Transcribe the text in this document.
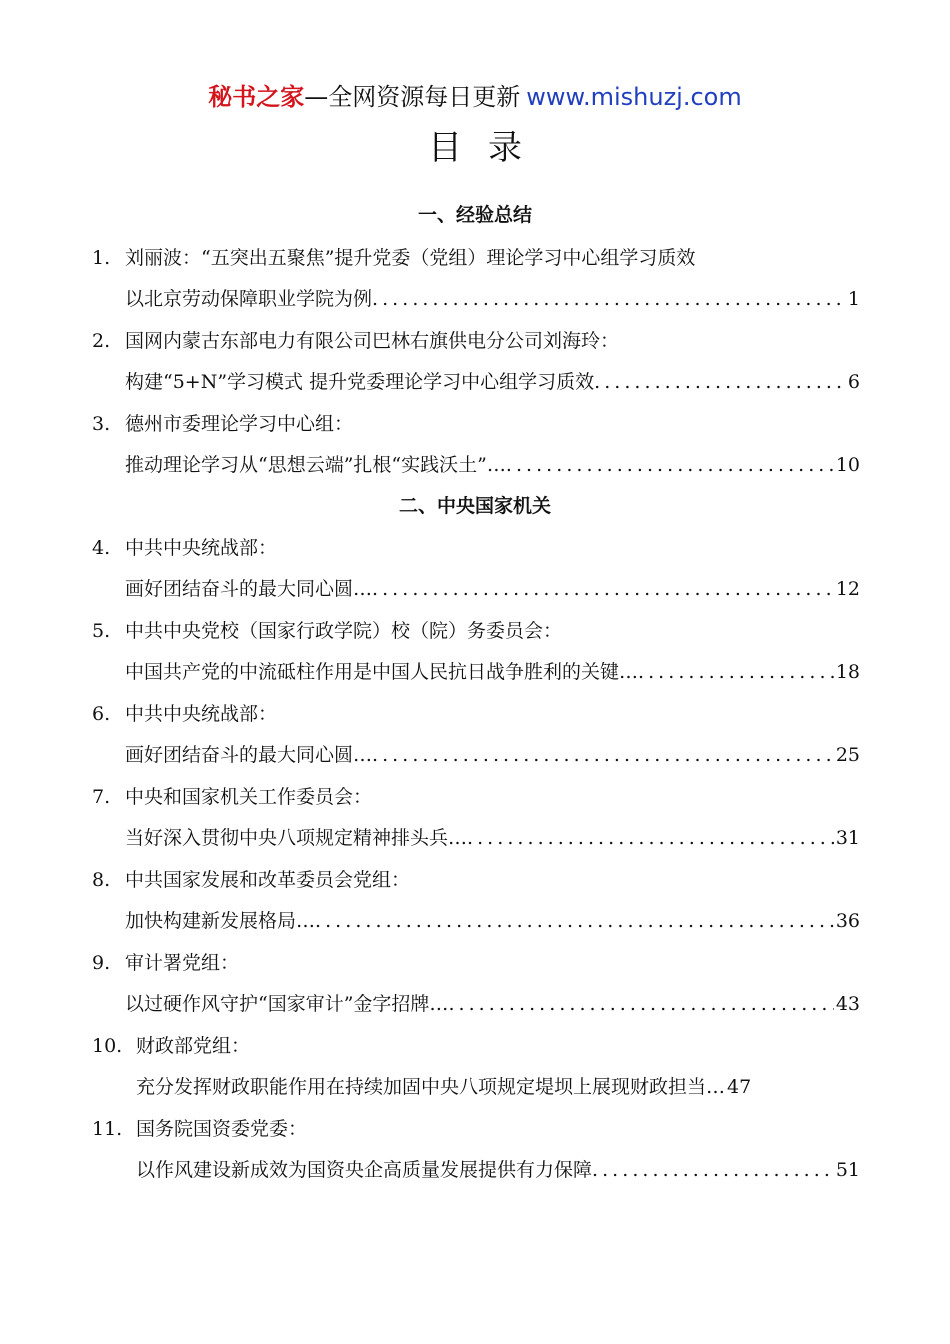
秘书之家—全网资源每日更新 www.mishuzj.com
目录
一、经验总结
1. 刘丽波：“五突出五聚焦”提升党委（党组）理论学习中心组学习质效
以北京劳动保障职业学院为例 . . .	1
2. 国网内蒙古东部电力有限公司巴林右旗供电分公司刘海玲：
构建“5+N”学习模式 提升党委理论学习中心组学习质效 . . .	6
3. 德州市委理论学习中心组：
推动理论学习从“思想云端”扎根“实践沃土”… . . .	10
二、中央国家机关
4. 中共中央统战部：
画好团结奋斗的最大同心圆… . . .	12
5. 中共中央党校（国家行政学院）校（院）务委员会：
中国共产党的中流砥柱作用是中国人民抗日战争胜利的关键… . . .	18
6. 中共中央统战部：
画好团结奋斗的最大同心圆… . . .	25
7. 中央和国家机关工作委员会：
当好深入贯彻中央八项规定精神排头兵… . . .	31
8. 中共国家发展和改革委员会党组：
加快构建新发展格局… . . .	36
9. 审计署党组：
以过硬作风守护“国家审计”金字招牌… . . .	43
10. 财政部党组：
充分发挥财政职能作用在持续加固中央八项规定堤坝上展现财政担当… 47
11. 国务院国资委党委：
以作风建设新成效为国资央企高质量发展提供有力保障 . . .	51
